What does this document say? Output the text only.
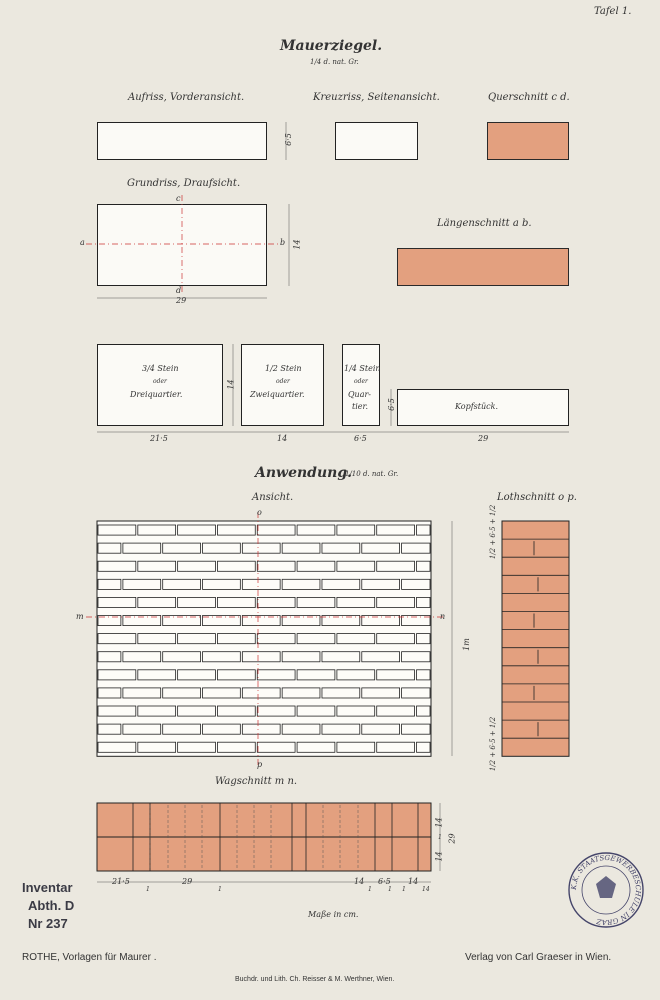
Tafel 1.
Mauerziegel.
1/4 d. nat. Gr.
Aufriss, Vorderansicht.	Kreuzriss, Seitenansicht.	Querschnitt c d.
6·5
Grundriss, Draufsicht.
c
d
a	b 14
29
Längenschnitt a b.
3/4 Stein
oder
Dreiquartier.
1/2 Stein
oder
Zweiquartier.
1/4 Stein
oder
Quar-
tier.	Kopfstück.
21·5	14	6·5	29
14
6·5
Anwendung.
1/10 d. nat. Gr.
Ansicht.	Lothschnitt o p.
o
p
m	n
1m
1/2 + 6·5 + 1/2
1/2 + 6·5 + 1/2
Wagschnitt m n.
21·5
1
29
1
14
1
6·5
1
14
1	14
14
1
14
29
Maße in cm.
Inventar
Abth. D
Nr 237
K.K. STAATSGEWERBESCHULE IN GRAZ
ROTHE, Vorlagen für Maurer .	Verlag von Carl Graeser in Wien.
Buchdr. und Lith. Ch. Reisser & M. Werthner, Wien.
